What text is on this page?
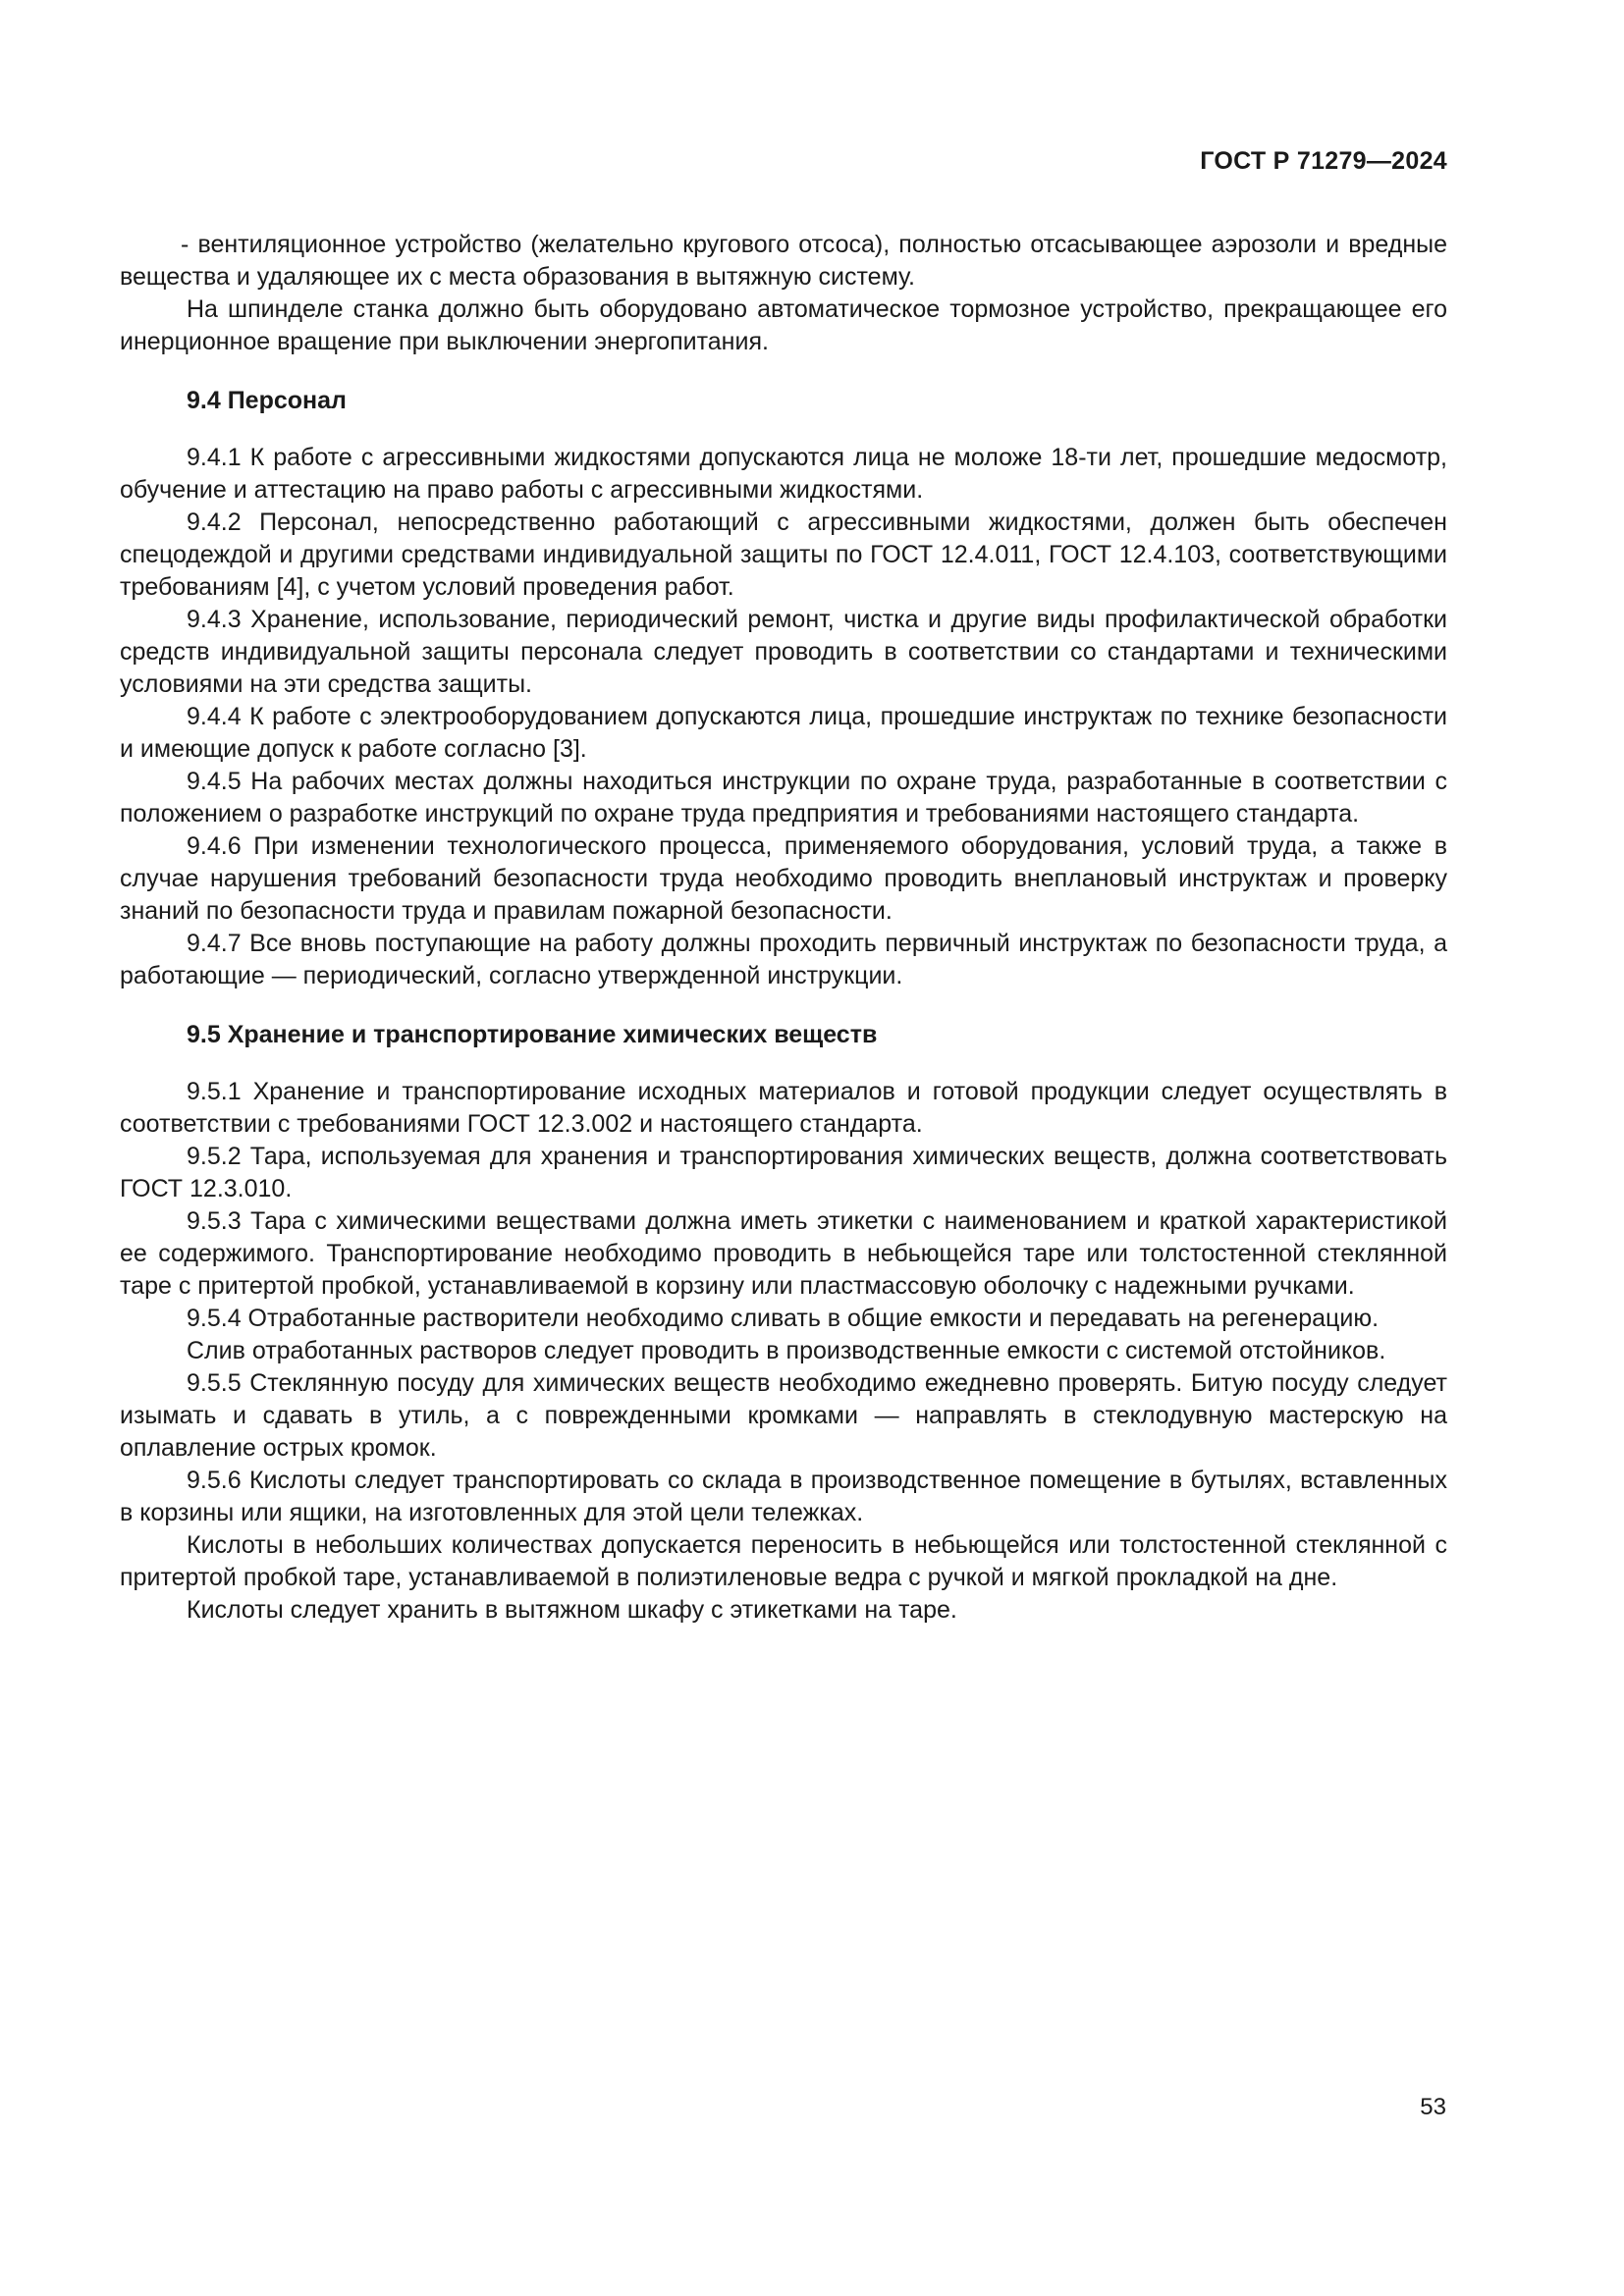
ГОСТ Р 71279—2024

- вентиляционное устройство (желательно кругового отсоса), полностью отсасывающее аэрозоли и вредные вещества и удаляющее их с места образования в вытяжную систему.

На шпинделе станка должно быть оборудовано автоматическое тормозное устройство, прекращающее его инерционное вращение при выключении энергопитания.

9.4 Персонал

9.4.1 К работе с агрессивными жидкостями допускаются лица не моложе 18-ти лет, прошедшие медосмотр, обучение и аттестацию на право работы с агрессивными жидкостями.

9.4.2 Персонал, непосредственно работающий с агрессивными жидкостями, должен быть обеспечен спецодеждой и другими средствами индивидуальной защиты по ГОСТ 12.4.011, ГОСТ 12.4.103, соответствующими требованиям [4], с учетом условий проведения работ.

9.4.3 Хранение, использование, периодический ремонт, чистка и другие виды профилактической обработки средств индивидуальной защиты персонала следует проводить в соответствии со стандартами и техническими условиями на эти средства защиты.

9.4.4 К работе с электрооборудованием допускаются лица, прошедшие инструктаж по технике безопасности и имеющие допуск к работе согласно [3].

9.4.5 На рабочих местах должны находиться инструкции по охране труда, разработанные в соответствии с положением о разработке инструкций по охране труда предприятия и требованиями настоящего стандарта.

9.4.6 При изменении технологического процесса, применяемого оборудования, условий труда, а также в случае нарушения требований безопасности труда необходимо проводить внеплановый инструктаж и проверку знаний по безопасности труда и правилам пожарной безопасности.

9.4.7 Все вновь поступающие на работу должны проходить первичный инструктаж по безопасности труда, а работающие — периодический, согласно утвержденной инструкции.

9.5 Хранение и транспортирование химических веществ

9.5.1 Хранение и транспортирование исходных материалов и готовой продукции следует осуществлять в соответствии с требованиями ГОСТ 12.3.002 и настоящего стандарта.

9.5.2 Тара, используемая для хранения и транспортирования химических веществ, должна соответствовать ГОСТ 12.3.010.

9.5.3 Тара с химическими веществами должна иметь этикетки с наименованием и краткой характеристикой ее содержимого. Транспортирование необходимо проводить в небьющейся таре или толстостенной стеклянной таре с притертой пробкой, устанавливаемой в корзину или пластмассовую оболочку с надежными ручками.

9.5.4 Отработанные растворители необходимо сливать в общие емкости и передавать на регенерацию.

Слив отработанных растворов следует проводить в производственные емкости с системой отстойников.

9.5.5 Стеклянную посуду для химических веществ необходимо ежедневно проверять. Битую посуду следует изымать и сдавать в утиль, а с поврежденными кромками — направлять в стеклодувную мастерскую на оплавление острых кромок.

9.5.6 Кислоты следует транспортировать со склада в производственное помещение в бутылях, вставленных в корзины или ящики, на изготовленных для этой цели тележках.

Кислоты в небольших количествах допускается переносить в небьющейся или толстостенной стеклянной с притертой пробкой таре, устанавливаемой в полиэтиленовые ведра с ручкой и мягкой прокладкой на дне.

Кислоты следует хранить в вытяжном шкафу с этикетками на таре.

53
